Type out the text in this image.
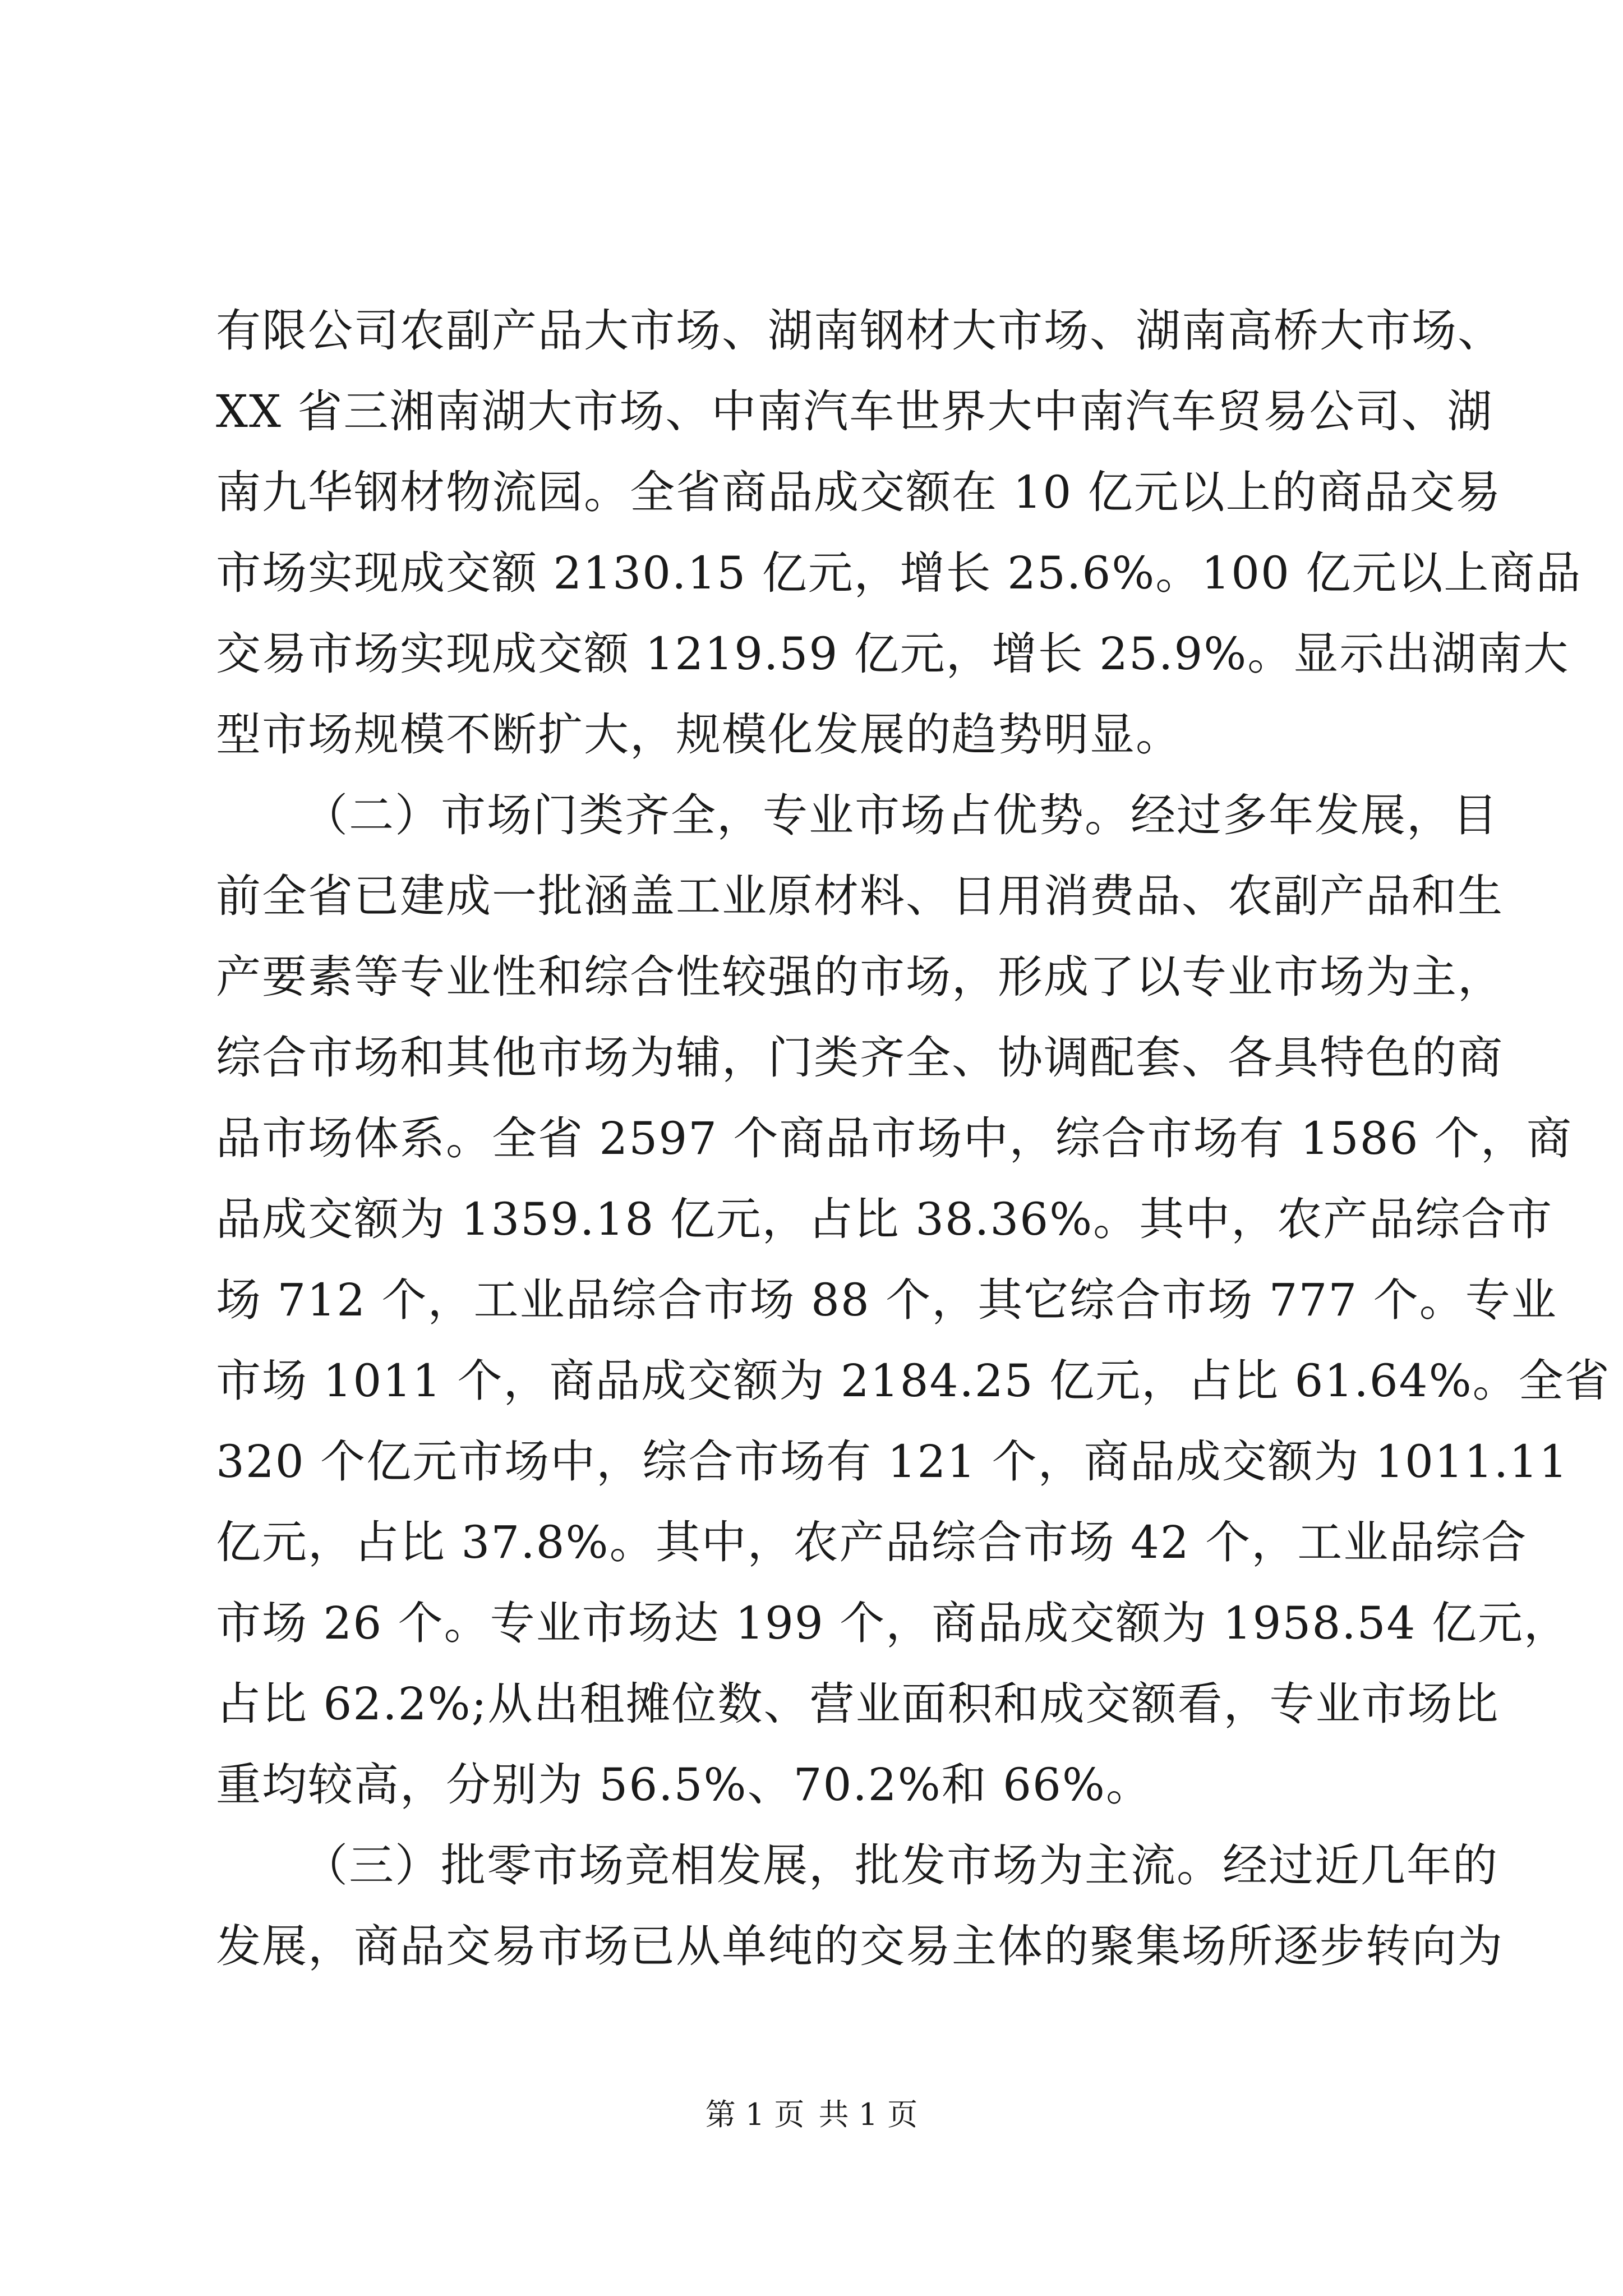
有限公司农副产品大市场、湖南钢材大市场、湖南高桥大市场、
XX 省三湘南湖大市场、中南汽车世界大中南汽车贸易公司、湖
南九华钢材物流园。全省商品成交额在 10 亿元以上的商品交易
市场实现成交额 2130.15 亿元，增长 25.6%。100 亿元以上商品
交易市场实现成交额 1219.59 亿元，增长 25.9%。显示出湖南大
型市场规模不断扩大，规模化发展的趋势明显。
（二）市场门类齐全，专业市场占优势。经过多年发展，目
前全省已建成一批涵盖工业原材料、日用消费品、农副产品和生
产要素等专业性和综合性较强的市场，形成了以专业市场为主，
综合市场和其他市场为辅，门类齐全、协调配套、各具特色的商
品市场体系。全省 2597 个商品市场中，综合市场有 1586 个，商
品成交额为 1359.18 亿元，占比 38.36%。其中，农产品综合市
场 712 个，工业品综合市场 88 个，其它综合市场 777 个。专业
市场 1011 个，商品成交额为 2184.25 亿元，占比 61.64%。全省
320 个亿元市场中，综合市场有 121 个，商品成交额为 1011.11
亿元，占比 37.8%。其中，农产品综合市场 42 个，工业品综合
市场 26 个。专业市场达 199 个，商品成交额为 1958.54 亿元，
占比 62.2%;从出租摊位数、营业面积和成交额看，专业市场比
重均较高，分别为 56.5%、70.2%和 66%。
（三）批零市场竞相发展，批发市场为主流。经过近几年的
发展，商品交易市场已从单纯的交易主体的聚集场所逐步转向为
第 1 页 共 1 页
